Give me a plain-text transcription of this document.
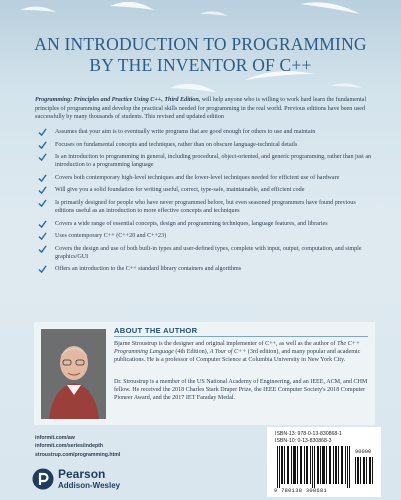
AN INTRODUCTION TO PROGRAMMING
BY THE INVENTOR OF C++
Programming: Principles and Practice Using C++, Third Edition, will help anyone who is willing to work hard learn the fundamental principles of programming and develop the practical skills needed for programming in the real world. Previous editions have been used successfully by many thousands of students. This revised and updated edition
Assumes that your aim is to eventually write programs that are good enough for others to use and maintain
Focuses on fundamental concepts and techniques, rather than on obscure language-technical details
Is an introduction to programming in general, including procedural, object-oriented, and generic programming, rather than just an introduction to a programming language
Covers both contemporary high-level techniques and the lower-level techniques needed for efficient use of hardware
Will give you a solid foundation for writing useful, correct, type-safe, maintainable, and efficient code
Is primarily designed for people who have never programmed before, but even seasoned programmers have found previous editions useful as an introduction to more effective concepts and techniques
Covers a wide range of essential concepts, design and programming techniques, language features, and libraries
Uses contemporary C++ (C++20 and C++23)
Covers the design and use of both built-in types and user-defined types, complete with input, output, computation, and simple graphics/GUI
Offers an introduction to the C++ standard library containers and algorithms
ABOUT THE AUTHOR

Bjarne Stroustrup is the designer and original implementer of C++, as well as the author of The C++ Programming Language (4th Edition), A Tour of C++ (3rd edition), and many popular and academic publications. He is a professor of Computer Science at Columbia University in New York City.

Dr. Stroustrup is a member of the US National Academy of Engineering, and an IEEE, ACM, and CHM fellow. He received the 2018 Charles Stark Draper Prize, the IEEE Computer Society's 2018 Computer Pioneer Award, and the 2017 IET Faraday Medal.

informit.com/aw
informit.com/series/indepth
stroustrup.com/programming.html
Pearson
Addison-Wesley
ISBN-13: 978-0-13-830868-1
ISBN-10: 0-13-830868-3
90000
9 780138 308681
